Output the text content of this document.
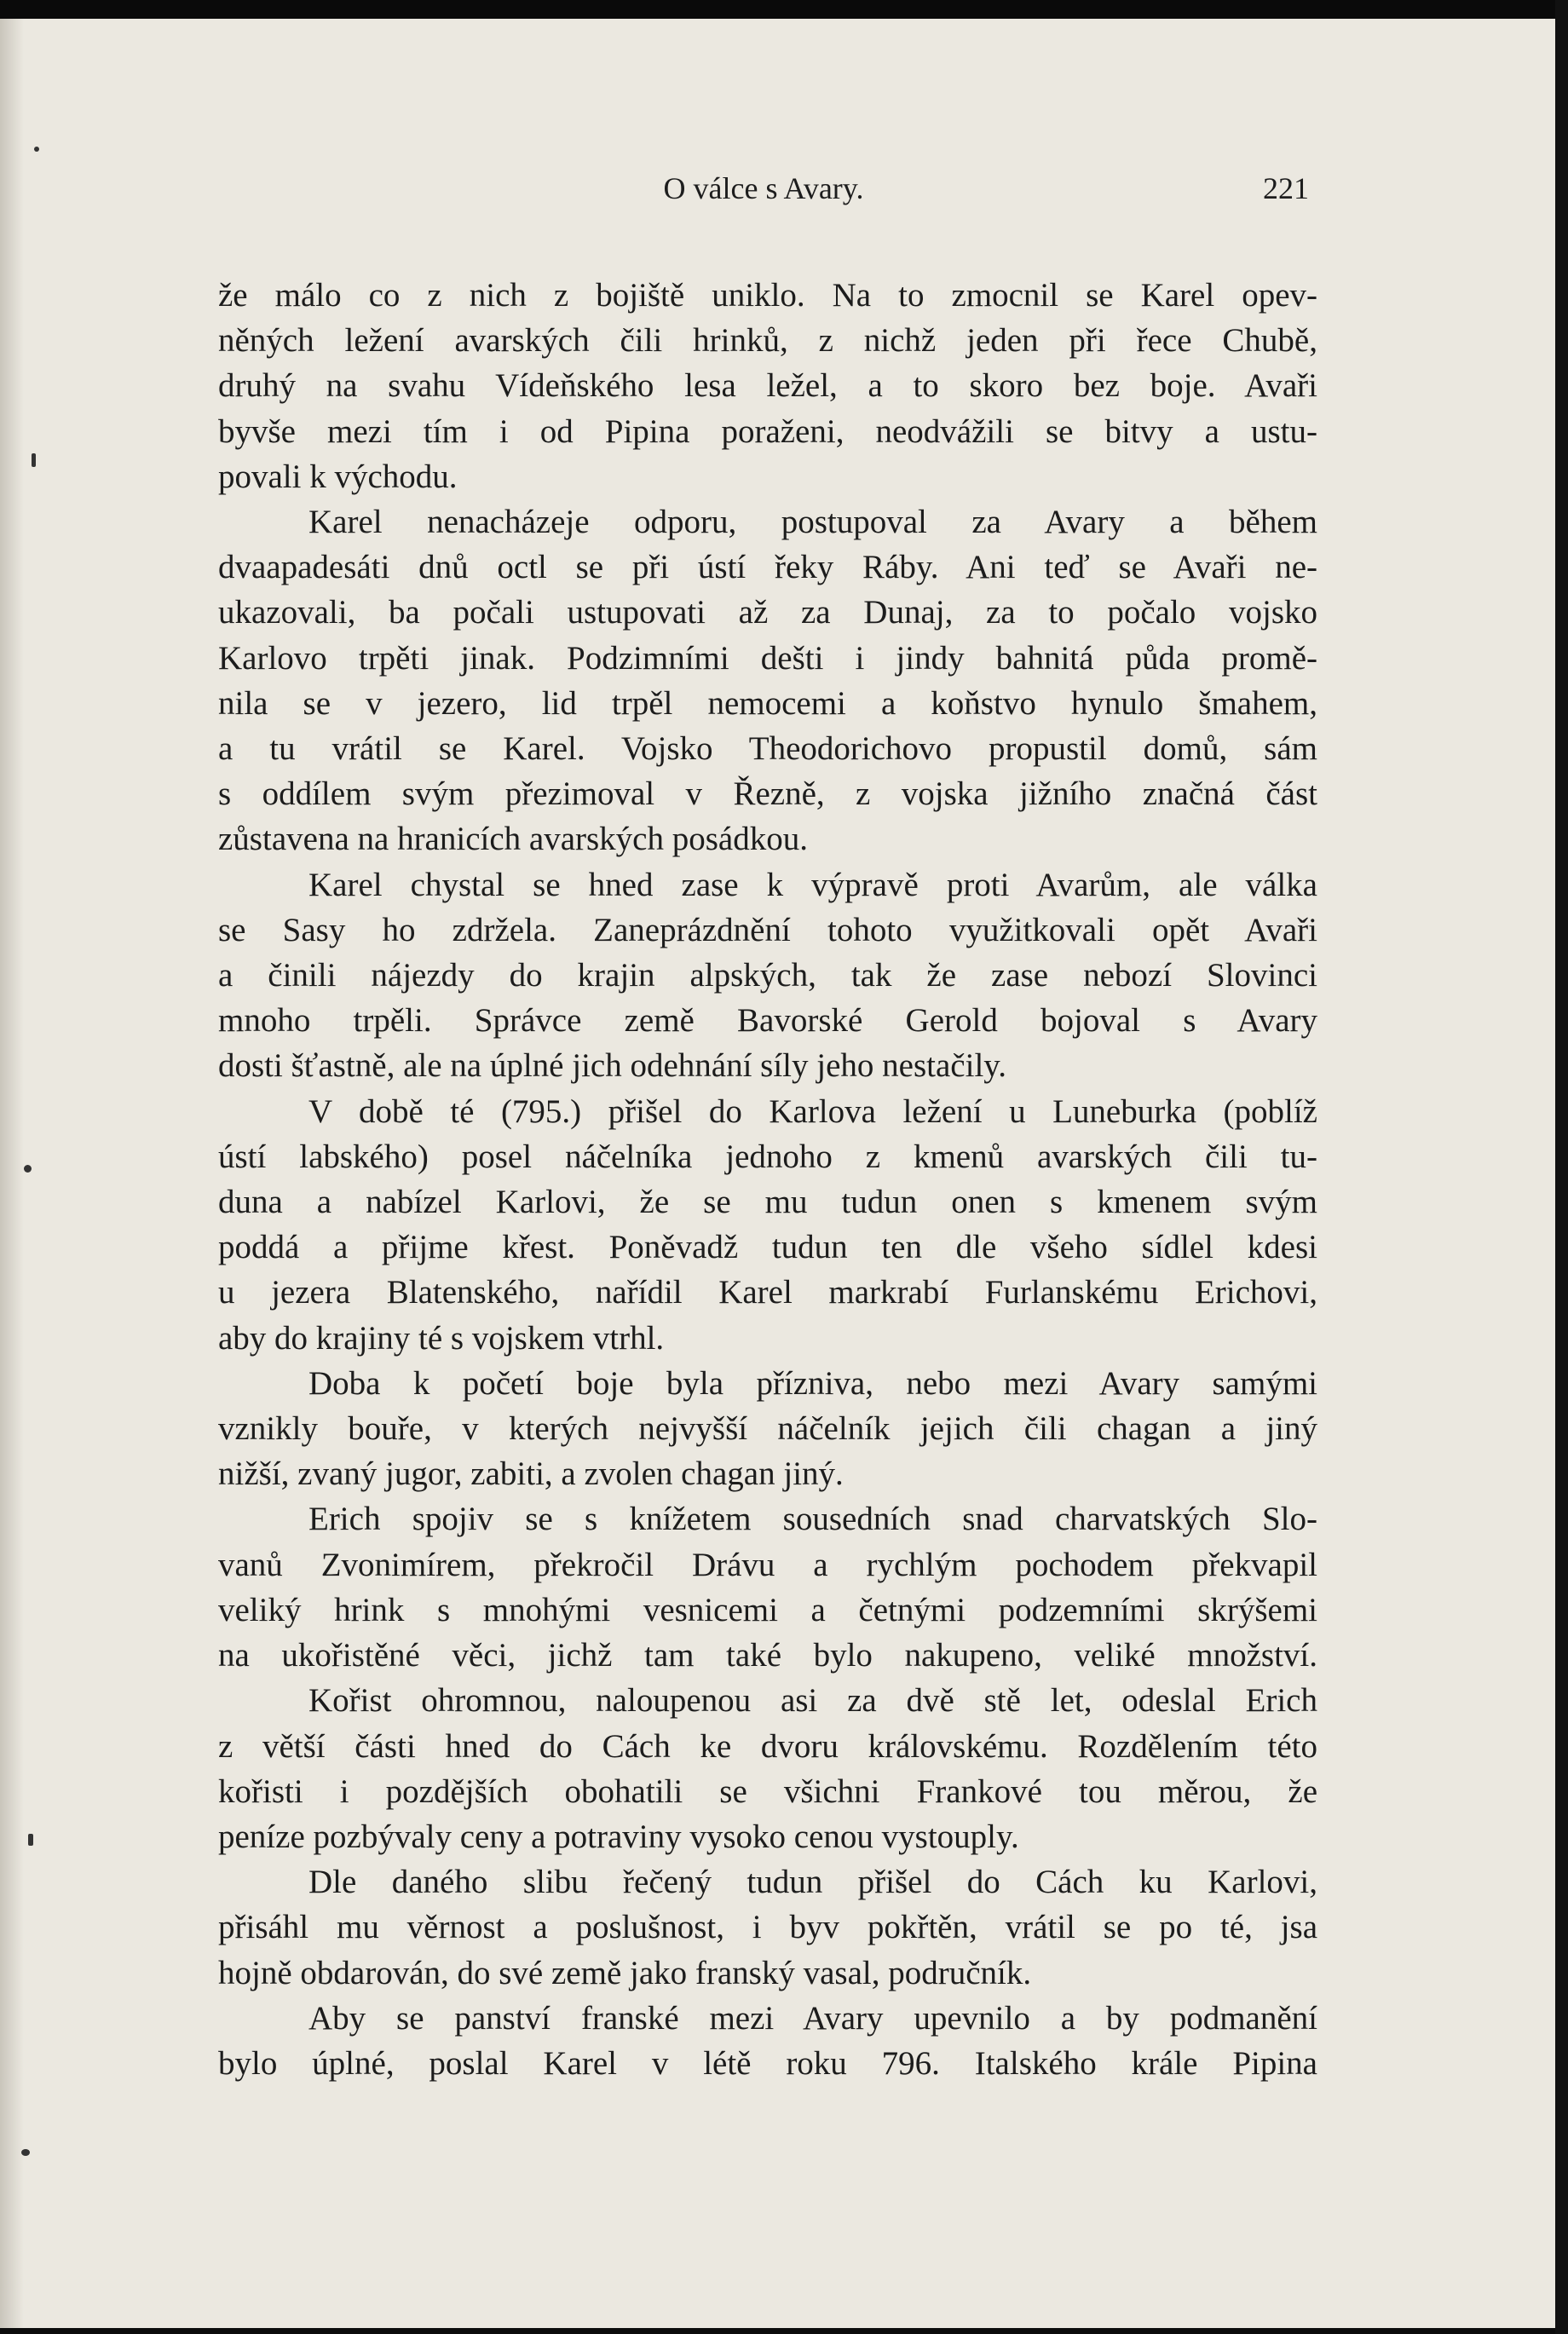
O válce s Avary.	221

že málo co z nich z bojiště uniklo. Na to zmocnil se Karel opev-

něných ležení avarských čili hrinků, z nichž jeden při řece Chubě,

druhý na svahu Vídeňského lesa ležel, a to skoro bez boje. Avaři

byvše mezi tím i od Pipina poraženi, neodvážili se bitvy a ustu-

povali k východu.

Karel nenacházeje odporu, postupoval za Avary a během

dvaapadesáti dnů octl se při ústí řeky Ráby. Ani teď se Avaři ne-

ukazovali, ba počali ustupovati až za Dunaj, za to počalo vojsko

Karlovo trpěti jinak. Podzimními dešti i jindy bahnitá půda promě-

nila se v jezero, lid trpěl nemocemi a koňstvo hynulo šmahem,

a tu vrátil se Karel. Vojsko Theodorichovo propustil domů, sám

s oddílem svým přezimoval v Řezně, z vojska jižního značná část

zůstavena na hranicích avarských posádkou.

Karel chystal se hned zase k výpravě proti Avarům, ale válka

se Sasy ho zdržela. Zaneprázdnění tohoto využitkovali opět Avaři

a činili nájezdy do krajin alpských, tak že zase nebozí Slovinci

mnoho trpěli. Správce země Bavorské Gerold bojoval s Avary

dosti šťastně, ale na úplné jich odehnání síly jeho nestačily.

V době té (795.) přišel do Karlova ležení u Luneburka (poblíž

ústí labského) posel náčelníka jednoho z kmenů avarských čili tu-

duna a nabízel Karlovi, že se mu tudun onen s kmenem svým

poddá a přijme křest. Poněvadž tudun ten dle všeho sídlel kdesi

u jezera Blatenského, nařídil Karel markrabí Furlanskému Erichovi,

aby do krajiny té s vojskem vtrhl.

Doba k početí boje byla přízniva, nebo mezi Avary samými

vznikly bouře, v kterých nejvyšší náčelník jejich čili chagan a jiný

nižší, zvaný jugor, zabiti, a zvolen chagan jiný.

Erich spojiv se s knížetem sousedních snad charvatských Slo-

vanů Zvonimírem, překročil Drávu a rychlým pochodem překvapil

veliký hrink s mnohými vesnicemi a četnými podzemními skrýšemi

na ukořistěné věci, jichž tam také bylo nakupeno, veliké množství.

Kořist ohromnou, naloupenou asi za dvě stě let, odeslal Erich

z větší části hned do Cách ke dvoru královskému. Rozdělením této

kořisti i pozdějších obohatili se všichni Frankové tou měrou, že

peníze pozbývaly ceny a potraviny vysoko cenou vystouply.

Dle daného slibu řečený tudun přišel do Cách ku Karlovi,

přisáhl mu věrnost a poslušnost, i byv pokřtěn, vrátil se po té, jsa

hojně obdarován, do své země jako franský vasal, područník.

Aby se panství franské mezi Avary upevnilo a by podmanění

bylo úplné, poslal Karel v létě roku 796. Italského krále Pipina
